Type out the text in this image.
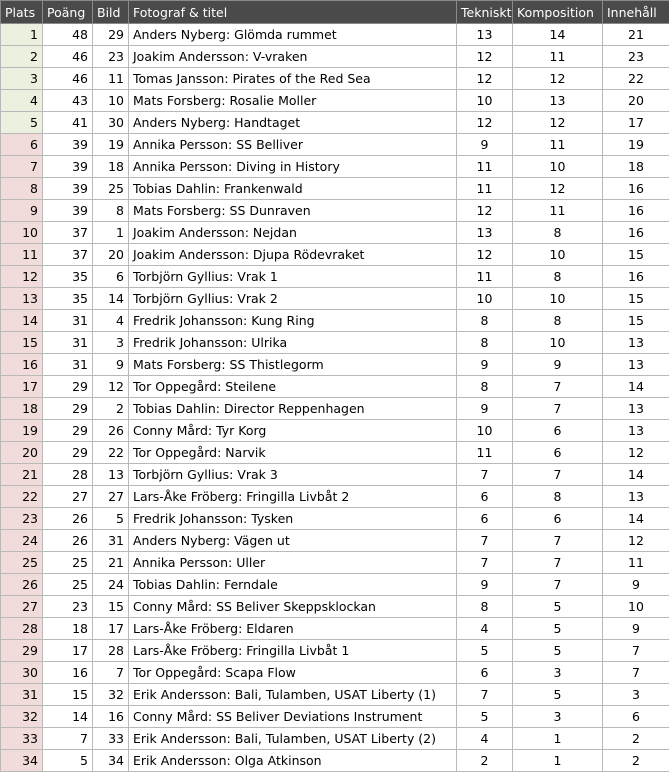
Plats	Poäng	Bild	Fotograf & titel	Tekniskt	Komposition	Innehåll
1	48	29	Anders Nyberg: Glömda rummet	13	14	21
2	46	23	Joakim Andersson: V-vraken	12	11	23
3	46	11	Tomas Jansson: Pirates of the Red Sea	12	12	22
4	43	10	Mats Forsberg: Rosalie Moller	10	13	20
5	41	30	Anders Nyberg: Handtaget	12	12	17
6	39	19	Annika Persson: SS Belliver	9	11	19
7	39	18	Annika Persson: Diving in History	11	10	18
8	39	25	Tobias Dahlin: Frankenwald	11	12	16
9	39	8	Mats Forsberg: SS Dunraven	12	11	16
10	37	1	Joakim Andersson: Nejdan	13	8	16
11	37	20	Joakim Andersson: Djupa Rödevraket	12	10	15
12	35	6	Torbjörn Gyllius: Vrak 1	11	8	16
13	35	14	Torbjörn Gyllius: Vrak 2	10	10	15
14	31	4	Fredrik Johansson: Kung Ring	8	8	15
15	31	3	Fredrik Johansson: Ulrika	8	10	13
16	31	9	Mats Forsberg: SS Thistlegorm	9	9	13
17	29	12	Tor Oppegård: Steilene	8	7	14
18	29	2	Tobias Dahlin: Director Reppenhagen	9	7	13
19	29	26	Conny Mård: Tyr Korg	10	6	13
20	29	22	Tor Oppegård: Narvik	11	6	12
21	28	13	Torbjörn Gyllius: Vrak 3	7	7	14
22	27	27	Lars-Åke Fröberg: Fringilla Livbåt 2	6	8	13
23	26	5	Fredrik Johansson: Tysken	6	6	14
24	26	31	Anders Nyberg: Vägen ut	7	7	12
25	25	21	Annika Persson: Uller	7	7	11
26	25	24	Tobias Dahlin: Ferndale	9	7	9
27	23	15	Conny Mård: SS Beliver Skeppsklockan	8	5	10
28	18	17	Lars-Åke Fröberg: Eldaren	4	5	9
29	17	28	Lars-Åke Fröberg: Fringilla Livbåt 1	5	5	7
30	16	7	Tor Oppegård: Scapa Flow	6	3	7
31	15	32	Erik Andersson: Bali, Tulamben, USAT Liberty (1)	7	5	3
32	14	16	Conny Mård: SS Beliver Deviations Instrument	5	3	6
33	7	33	Erik Andersson: Bali, Tulamben, USAT Liberty (2)	4	1	2
34	5	34	Erik Andersson: Olga Atkinson	2	1	2
